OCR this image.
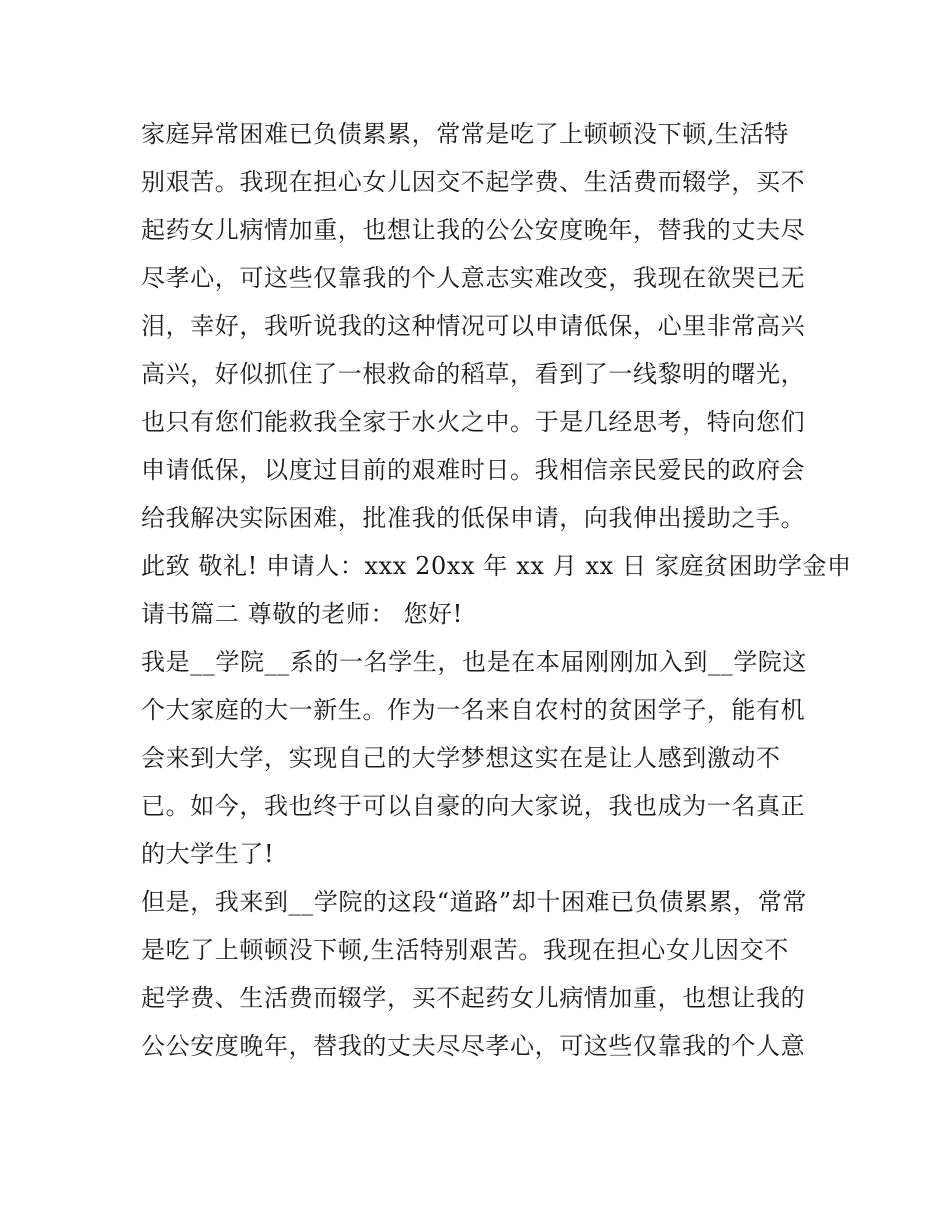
家庭异常困难已负债累累，常常是吃了上顿顿没下顿,生活特
别艰苦。我现在担心女儿因交不起学费、生活费而辍学，买不
起药女儿病情加重，也想让我的公公安度晚年，替我的丈夫尽
尽孝心，可这些仅靠我的个人意志实难改变，我现在欲哭已无
泪，幸好，我听说我的这种情况可以申请低保，心里非常高兴
高兴，好似抓住了一根救命的稻草，看到了一线黎明的曙光，
也只有您们能救我全家于水火之中。于是几经思考，特向您们
申请低保，以度过目前的艰难时日。我相信亲民爱民的政府会
给我解决实际困难，批准我的低保申请，向我伸出援助之手。
此致 敬礼! 申请人：xxx 20xx 年 xx 月 xx 日 家庭贫困助学金申
请书篇二 尊敬的老师： 您好!
我是__学院__系的一名学生，也是在本届刚刚加入到__学院这
个大家庭的大一新生。作为一名来自农村的贫困学子，能有机
会来到大学，实现自己的大学梦想这实在是让人感到激动不
已。如今，我也终于可以自豪的向大家说，我也成为一名真正
的大学生了!
但是，我来到__学院的这段“道路”却十困难已负债累累，常常
是吃了上顿顿没下顿,生活特别艰苦。我现在担心女儿因交不
起学费、生活费而辍学，买不起药女儿病情加重，也想让我的
公公安度晚年，替我的丈夫尽尽孝心，可这些仅靠我的个人意
